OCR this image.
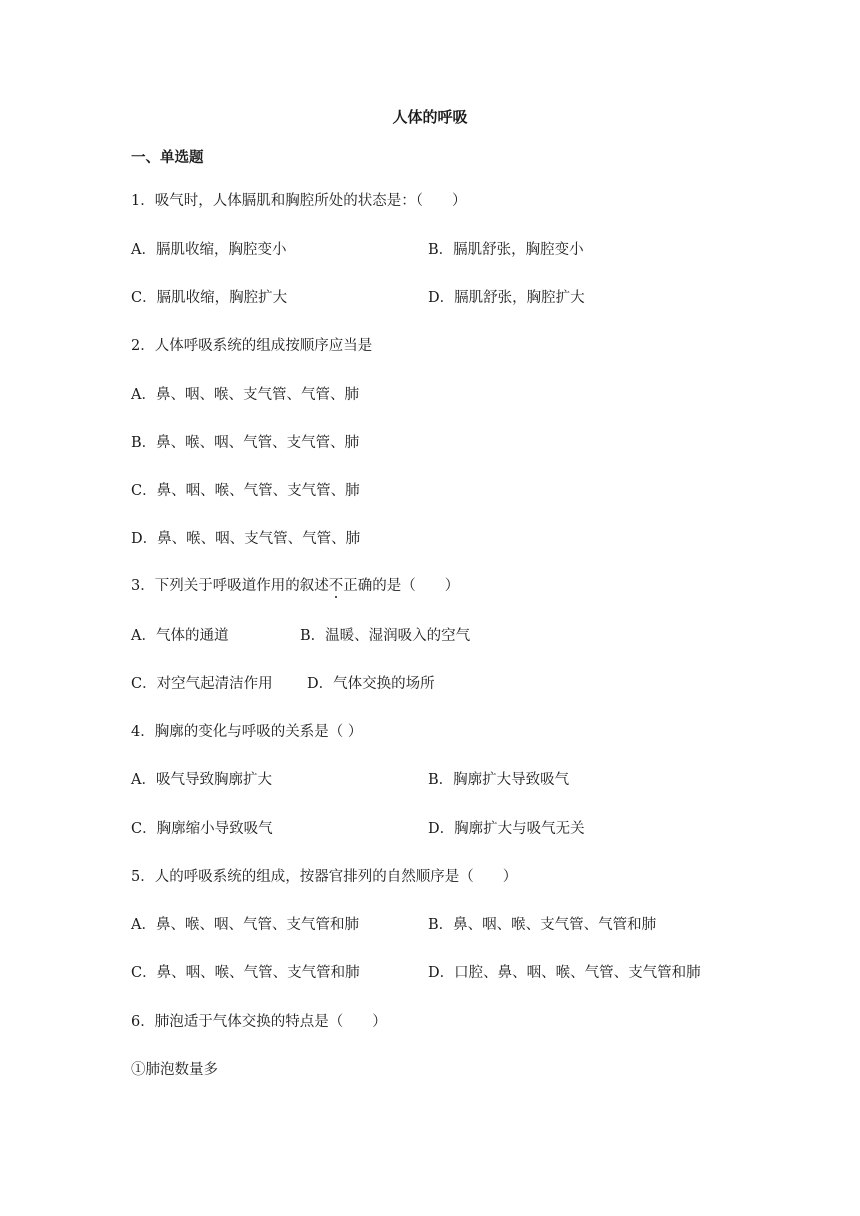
人体的呼吸
一、单选题
1．吸气时，人体膈肌和胸腔所处的状态是：（　　）
A．膈肌收缩，胸腔变小	B．膈肌舒张，胸腔变小
C．膈肌收缩，胸腔扩大	D．膈肌舒张，胸腔扩大
2．人体呼吸系统的组成按顺序应当是
A．鼻、咽、喉、支气管、气管、肺
B．鼻、喉、咽、气管、支气管、肺
C．鼻、咽、喉、气管、支气管、肺
D．鼻、喉、咽、支气管、气管、肺
3．下列关于呼吸道作用的叙述不正确的是（　　）
A．气体的通道	B．温暖、湿润吸入的空气
C．对空气起清洁作用 D．气体交换的场所
4．胸廓的变化与呼吸的关系是（ ）
A．吸气导致胸廓扩大	B．胸廓扩大导致吸气
C．胸廓缩小导致吸气	D．胸廓扩大与吸气无关
5．人的呼吸系统的组成，按器官排列的自然顺序是（　　）
A．鼻、喉、咽、气管、支气管和肺	B．鼻、咽、喉、支气管、气管和肺
C．鼻、咽、喉、气管、支气管和肺	D．口腔、鼻、咽、喉、气管、支气管和肺
6．肺泡适于气体交换的特点是（　　）
①肺泡数量多
